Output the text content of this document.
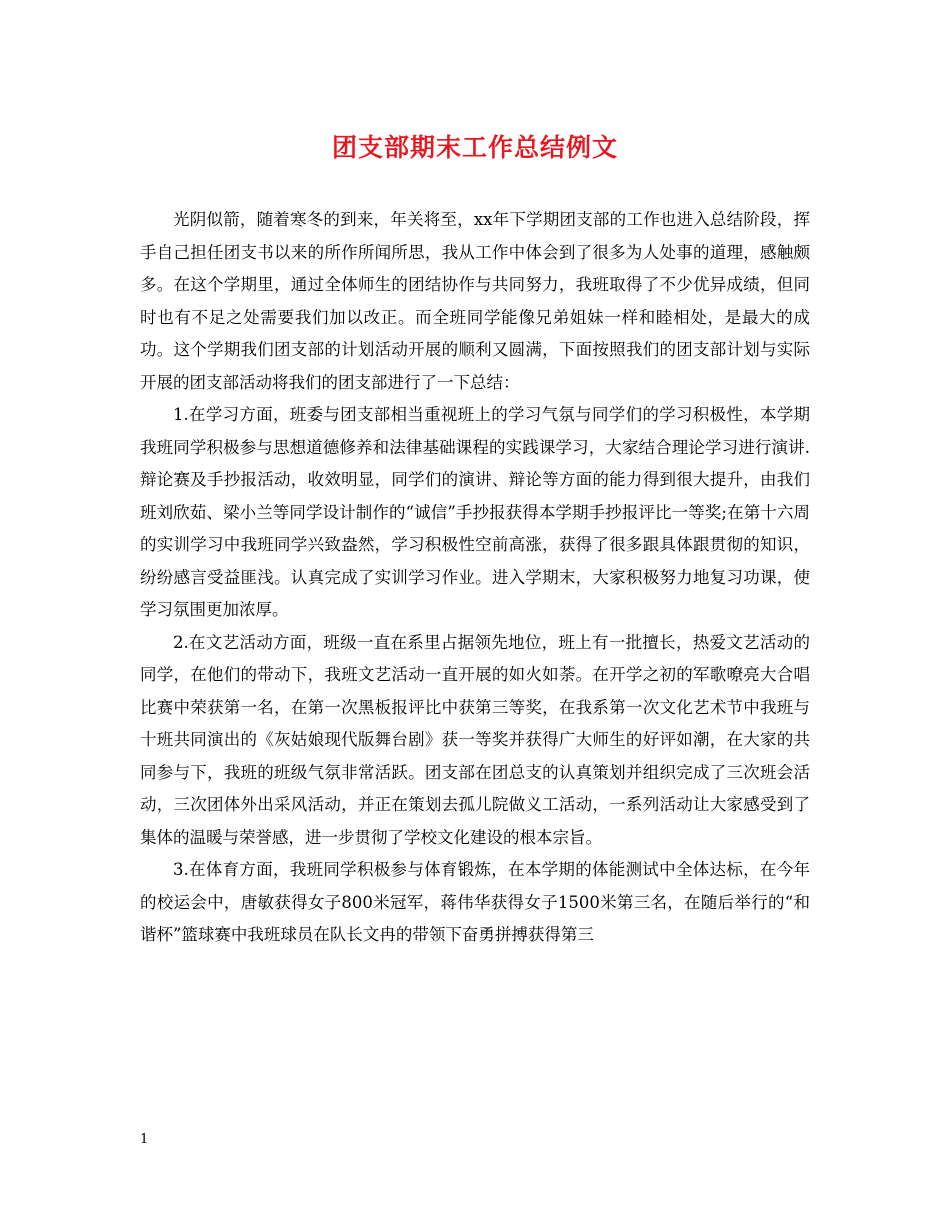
团支部期末工作总结例文

光阴似箭，随着寒冬的到来，年关将至，xx年下学期团支部的工作也进入总结阶段，挥手自己担任团支书以来的所作所闻所思，我从工作中体会到了很多为人处事的道理，感触颇多。在这个学期里，通过全体师生的团结协作与共同努力，我班取得了不少优异成绩，但同时也有不足之处需要我们加以改正。而全班同学能像兄弟姐妹一样和睦相处，是最大的成功。这个学期我们团支部的计划活动开展的顺利又圆满，下面按照我们的团支部计划与实际开展的团支部活动将我们的团支部进行了一下总结：

1.在学习方面，班委与团支部相当重视班上的学习气氛与同学们的学习积极性，本学期我班同学积极参与思想道德修养和法律基础课程的实践课学习，大家结合理论学习进行演讲.辩论赛及手抄报活动，收效明显，同学们的演讲、辩论等方面的能力得到很大提升，由我们班刘欣茹、梁小兰等同学设计制作的“诚信”手抄报获得本学期手抄报评比一等奖;在第十六周的实训学习中我班同学兴致盎然，学习积极性空前高涨，获得了很多跟具体跟贯彻的知识，纷纷感言受益匪浅。认真完成了实训学习作业。进入学期末，大家积极努力地复习功课，使学习氛围更加浓厚。

2.在文艺活动方面，班级一直在系里占据领先地位，班上有一批擅长，热爱文艺活动的同学，在他们的带动下，我班文艺活动一直开展的如火如荼。在开学之初的军歌嘹亮大合唱比赛中荣获第一名，在第一次黑板报评比中获第三等奖，在我系第一次文化艺术节中我班与十班共同演出的《灰姑娘现代版舞台剧》获一等奖并获得广大师生的好评如潮，在大家的共同参与下，我班的班级气氛非常活跃。团支部在团总支的认真策划并组织完成了三次班会活动，三次团体外出采风活动，并正在策划去孤儿院做义工活动，一系列活动让大家感受到了集体的温暖与荣誉感，进一步贯彻了学校文化建设的根本宗旨。

3.在体育方面，我班同学积极参与体育锻炼，在本学期的体能测试中全体达标，在今年的校运会中，唐敏获得女子800米冠军，蒋伟华获得女子1500米第三名，在随后举行的“和谐杯”篮球赛中我班球员在队长文冉的带领下奋勇拼搏获得第三

1
